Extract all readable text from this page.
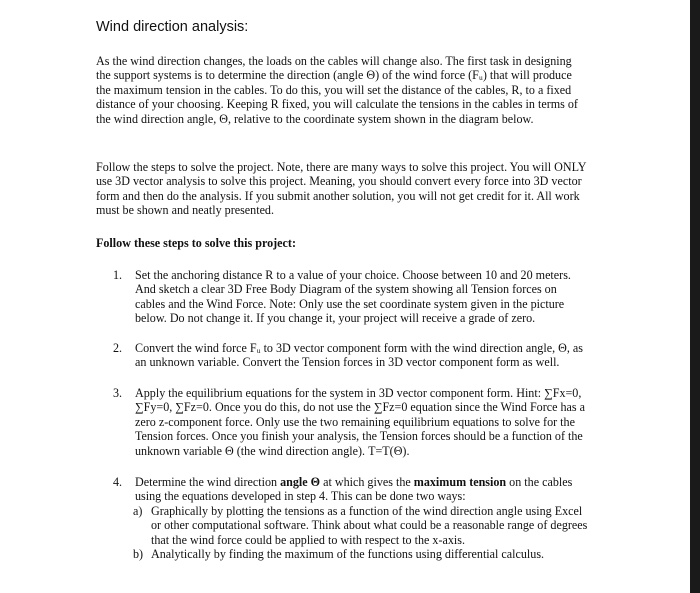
Wind direction analysis:

As the wind direction changes, the loads on the cables will change also. The first task in designing the support systems is to determine the direction (angle Θ) of the wind force (Fᵤ) that will produce the maximum tension in the cables. To do this, you will set the distance of the cables, R, to a fixed distance of your choosing. Keeping R fixed, you will calculate the tensions in the cables in terms of the wind direction angle, Θ, relative to the coordinate system shown in the diagram below.

Follow the steps to solve the project. Note, there are many ways to solve this project. You will ONLY use 3D vector analysis to solve this project. Meaning, you should convert every force into 3D vector form and then do the analysis. If you submit another solution, you will not get credit for it. All work must be shown and neatly presented.

Follow these steps to solve this project:
1.	Set the anchoring distance R to a value of your choice. Choose between 10 and 20 meters. And sketch a clear 3D Free Body Diagram of the system showing all Tension forces on cables and the Wind Force. Note: Only use the set coordinate system given in the picture below. Do not change it. If you change it, your project will receive a grade of zero.
2.	Convert the wind force Fᵤ to 3D vector component form with the wind direction angle, Θ, as an unknown variable. Convert the Tension forces in 3D vector component form as well.
3.	Apply the equilibrium equations for the system in 3D vector component form. Hint: ∑Fx=0, ∑Fy=0, ∑Fz=0. Once you do this, do not use the ∑Fz=0 equation since the Wind Force has a zero z-component force. Only use the two remaining equilibrium equations to solve for the Tension forces. Once you finish your analysis, the Tension forces should be a function of the unknown variable Θ (the wind direction angle). T=T(Θ).
4.	Determine the wind direction angle Θ at which gives the maximum tension on the cables using the equations developed in step 4. This can be done two ways:
a) Graphically by plotting the tensions as a function of the wind direction angle using Excel or other computational software. Think about what could be a reasonable range of degrees that the wind force could be applied to with respect to the x-axis.
b) Analytically by finding the maximum of the functions using differential calculus.
